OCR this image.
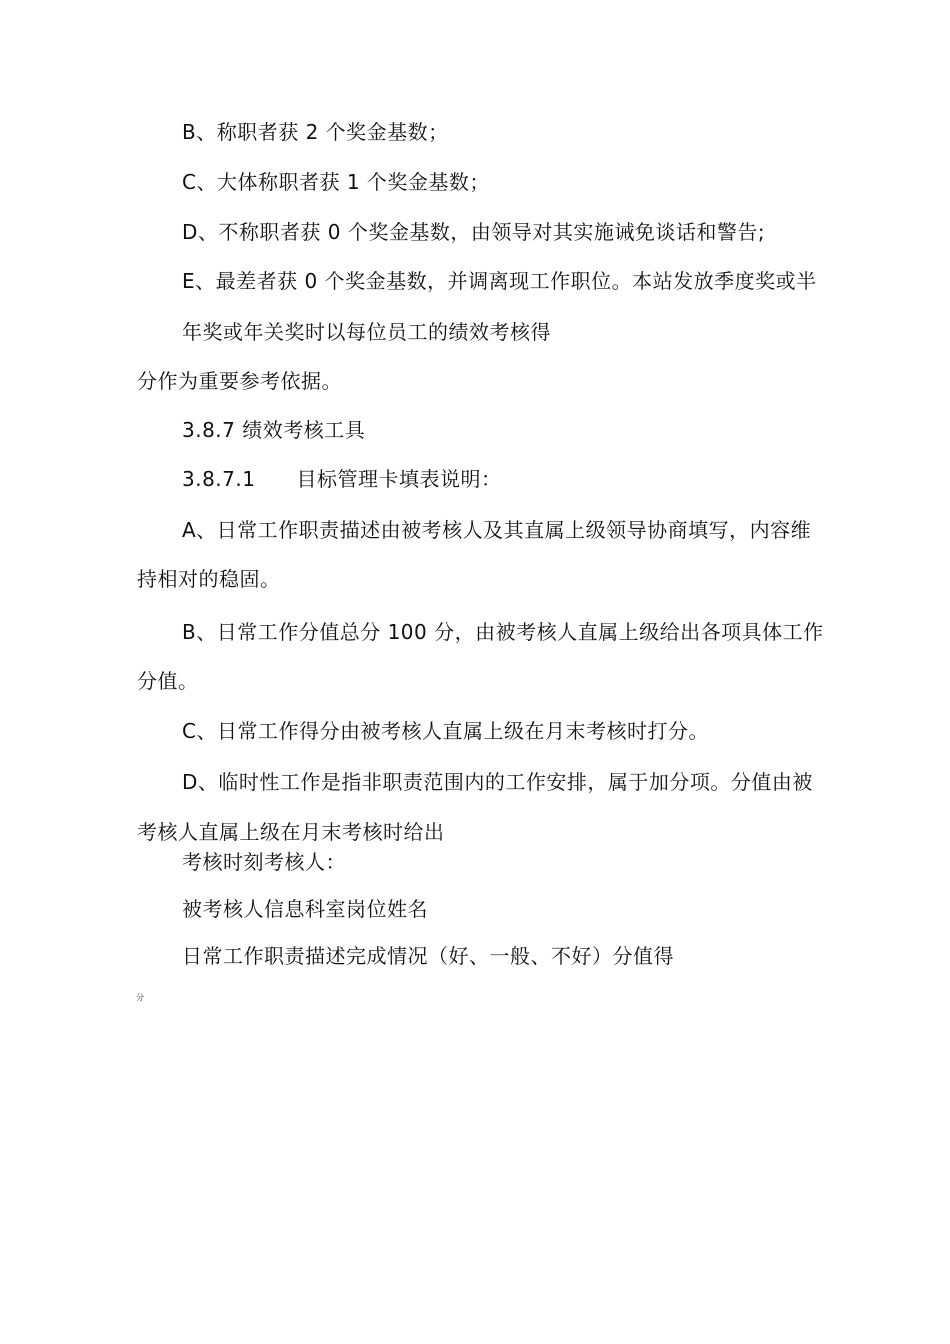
B、称职者获 2 个奖金基数；
C、大体称职者获 1 个奖金基数；
D、不称职者获 0 个奖金基数，由领导对其实施诫免谈话和警告;
E、最差者获 0 个奖金基数，并调离现工作职位。本站发放季度奖或半
年奖或年关奖时以每位员工的绩效考核得
分作为重要参考依据。
3.8.7 绩效考核工具
3.8.7.1　　目标管理卡填表说明：
A、日常工作职责描述由被考核人及其直属上级领导协商填写，内容维
持相对的稳固。
B、日常工作分值总分 100 分，由被考核人直属上级给出各项具体工作
分值。
C、日常工作得分由被考核人直属上级在月末考核时打分。
D、临时性工作是指非职责范围内的工作安排，属于加分项。分值由被
考核人直属上级在月末考核时给出
考核时刻考核人：
被考核人信息科室岗位姓名
日常工作职责描述完成情况（好、一般、不好）分值得
分
